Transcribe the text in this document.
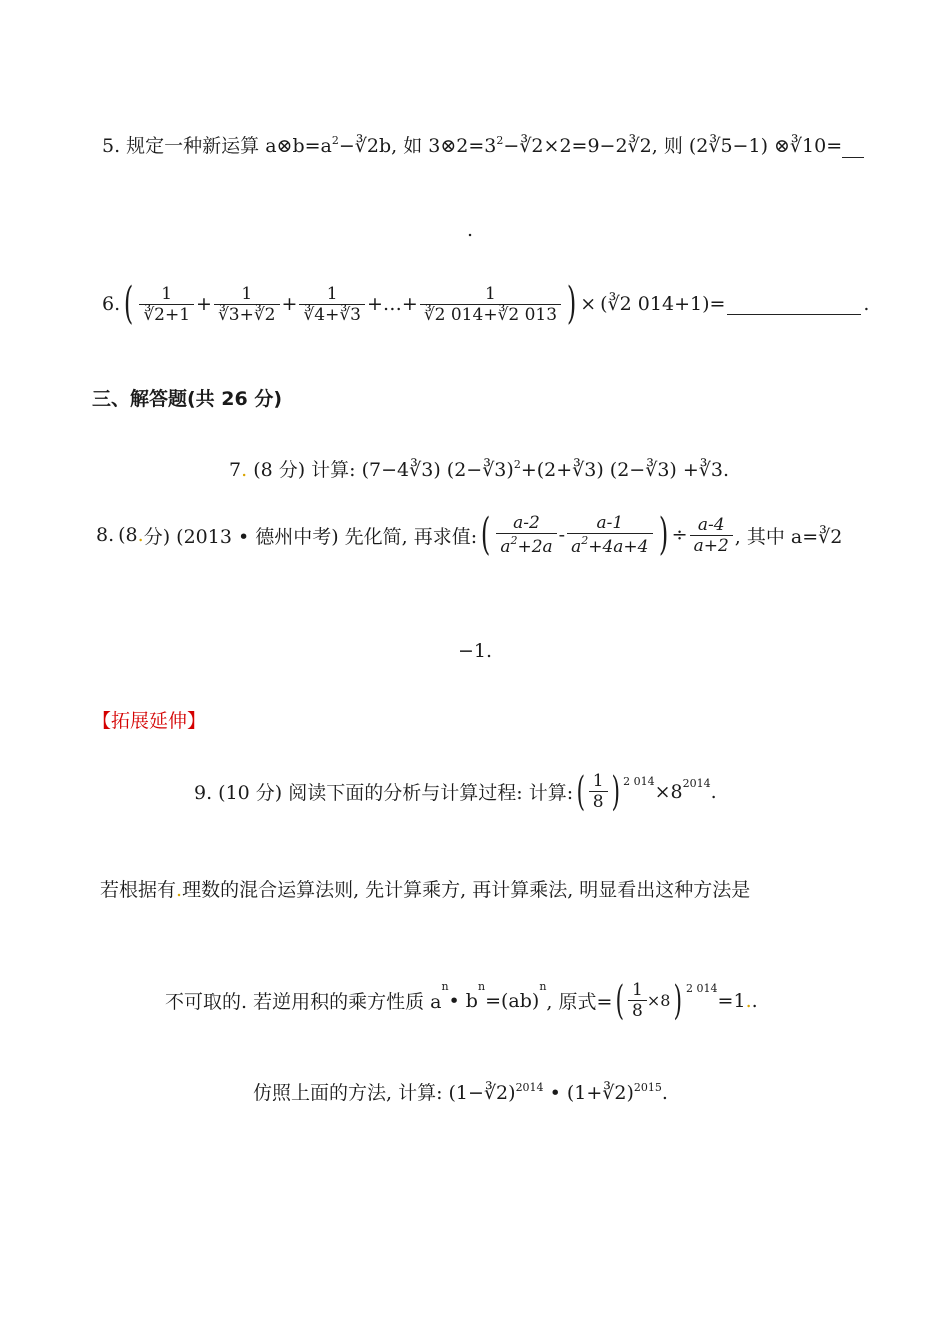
5. 规定一种新运算 $a\otimes b=a^2-∛2b$, 如 $3\otimes 2=3^2-∛2\times 2=9-2∛2$, 则 (2∛5−1) ⊗∛10=
.
6. ( $\frac{1}{∛2+1} + \frac{1}{∛3+∛2} + \frac{1}{∛4+∛3}$ +…+ $\frac{1}{∛2 014+∛2 013}$ ) × (∛2 014+1) =	.
三、解答题(共 26 分)
7. (8 分) 计算: (7−4∛3) (2−∛3)$^2$+(2+∛3) (2−∛3) +∛3.
8. (8 . 分) (2013 • 德州中考) 先化简, 再求值: ( $\frac{a-2}{a^2+2a} - \frac{a-1}{a^2+4a+4}$ ) ÷ $\frac{a-4}{a+2}$ , 其中 a=∛2
−1.
【拓展延伸】
9. (10 分) 阅读下面的分析与计算过程: 计算: ( $\frac{1}{8}$ ) $^{2 014} \times 8^{2014}$ .
若根据有.理数的混合运算法则, 先计算乘方, 再计算乘法, 明显看出这种方法是
不可取的. 若逆用积的乘方性质 a
$^n$
• b
$^n$
=(ab)
$^n$
, 原式= ( $\frac{1}{8} \times 8$ ) $^{2 014}$
=1 . .
仿照上面的方法, 计算: (1−∛2)$^{2014}$ • (1+∛2)$^{2015}$.
